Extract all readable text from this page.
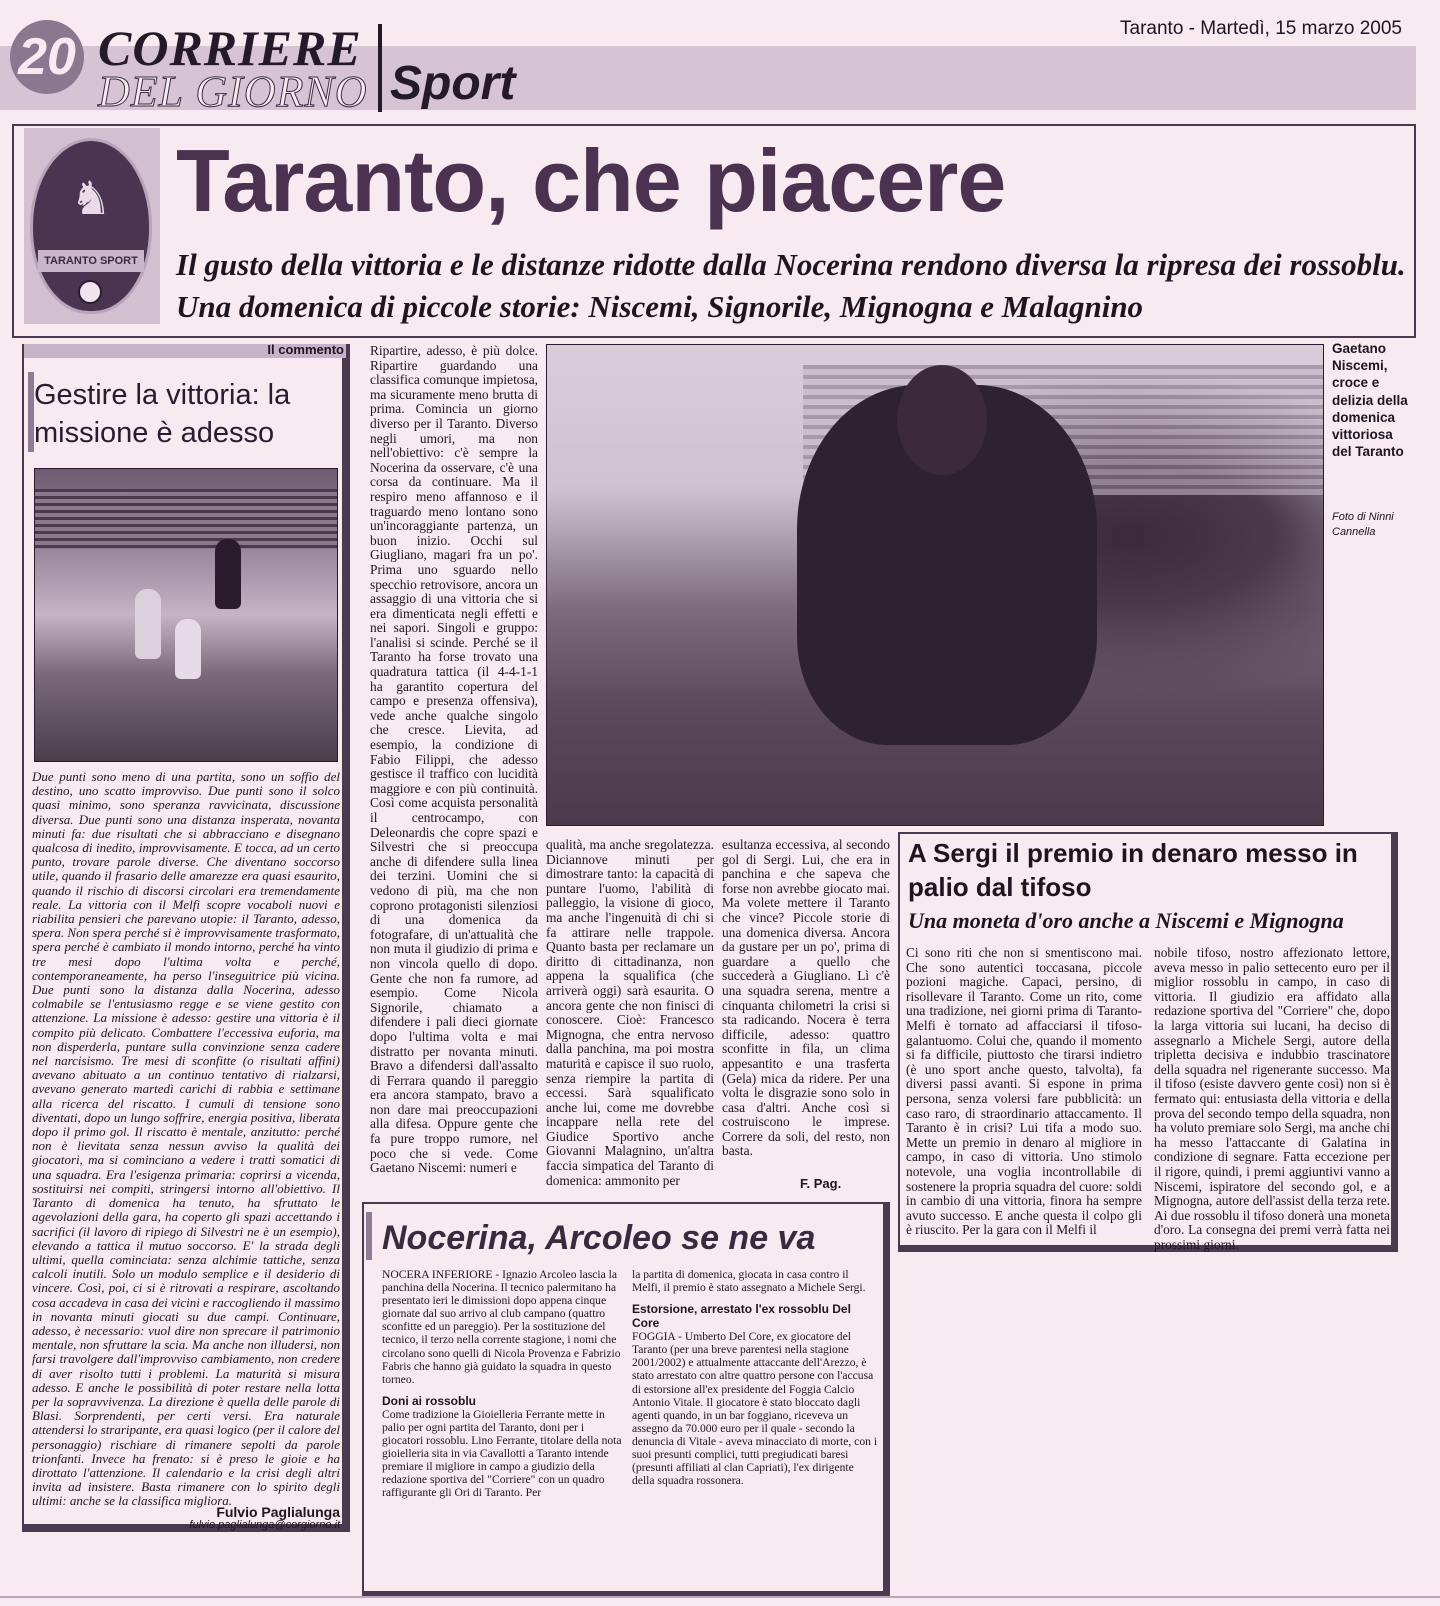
20 CORRIERE
DEL GIORNO Sport
Taranto - Martedì, 15 marzo 2005
♞
TARANTO SPORT
Taranto, che piacere
Il gusto della vittoria e le distanze ridotte dalla Nocerina rendono diversa la ripresa dei rossoblu. Una domenica di piccole storie: Niscemi, Signorile, Mignogna e Malagnino
Il commento
Gestire la vittoria: la missione è adesso
Due punti sono meno di una partita, sono un soffio del destino, uno scatto improvviso. Due punti sono il solco quasi minimo, sono speranza ravvicinata, discussione diversa. Due punti sono una distanza insperata, novanta minuti fa: due risultati che si abbracciano e disegnano qualcosa di inedito, improvvisamente. E tocca, ad un certo punto, trovare parole diverse. Che diventano soccorso utile, quando il frasario delle amarezze era quasi esaurito, quando il rischio di discorsi circolari era tremendamente reale. La vittoria con il Melfi scopre vocaboli nuovi e riabilita pensieri che parevano utopie: il Taranto, adesso, spera. Non spera perché si è improvvisamente trasformato, spera perché è cambiato il mondo intorno, perché ha vinto tre mesi dopo l'ultima volta e perché, contemporaneamente, ha perso l'inseguitrice più vicina. Due punti sono la distanza dalla Nocerina, adesso colmabile se l'entusiasmo regge e se viene gestito con attenzione. La missione è adesso: gestire una vittoria è il compito più delicato. Combattere l'eccessiva euforia, ma non disperderla, puntare sulla convinzione senza cadere nel narcisismo. Tre mesi di sconfitte (o risultati affini) avevano abituato a un continuo tentativo di rialzarsi, avevano generato martedì carichi di rabbia e settimane alla ricerca del riscatto. I cumuli di tensione sono diventati, dopo un lungo soffrire, energia positiva, liberata dopo il primo gol. Il riscatto è mentale, anzitutto: perché non è lievitata senza nessun avviso la qualità dei giocatori, ma si cominciano a vedere i tratti somatici di una squadra. Era l'esigenza primaria: coprirsi a vicenda, sostituirsi nei compiti, stringersi intorno all'obiettivo. Il Taranto di domenica ha tenuto, ha sfruttato le agevolazioni della gara, ha coperto gli spazi accettando i sacrifici (il lavoro di ripiego di Silvestri ne è un esempio), elevando a tattica il mutuo soccorso. E' la strada degli ultimi, quella cominciata: senza alchimie tattiche, senza calcoli inutili. Solo un modulo semplice e il desiderio di vincere. Così, poi, ci si è ritrovati a respirare, ascoltando cosa accadeva in casa dei vicini e raccogliendo il massimo in novanta minuti giocati su due campi. Continuare, adesso, è necessario: vuol dire non sprecare il patrimonio mentale, non sfruttare la scia. Ma anche non illudersi, non farsi travolgere dall'improvviso cambiamento, non credere di aver risolto tutti i problemi. La maturità si misura adesso. E anche le possibilità di poter restare nella lotta per la sopravvivenza. La direzione è quella delle parole di Blasi. Sorprendenti, per certi versi. Era naturale attendersi lo straripante, era quasi logico (per il calore del personaggio) rischiare di rimanere sepolti da parole trionfanti. Invece ha frenato: si è preso le gioie e ha dirottato l'attenzione. Il calendario e la crisi degli altri invita ad insistere. Basta rimanere con lo spirito degli ultimi: anche se la classifica migliora.
Fulvio Paglialunga
fulvio.paglialunga@corgiorno.it
Ripartire, adesso, è più dolce. Ripartire guardando una classifica comunque impietosa, ma sicuramente meno brutta di prima. Comincia un giorno diverso per il Taranto. Diverso negli umori, ma non nell'obiettivo: c'è sempre la Nocerina da osservare, c'è una corsa da continuare. Ma il respiro meno affannoso e il traguardo meno lontano sono un'incoraggiante partenza, un buon inizio. Occhi sul Giugliano, magari fra un po'. Prima uno sguardo nello specchio retrovisore, ancora un assaggio di una vittoria che si era dimenticata negli effetti e nei sapori. Singoli e gruppo: l'analisi si scinde. Perché se il Taranto ha forse trovato una quadratura tattica (il 4-4-1-1 ha garantito copertura del campo e presenza offensiva), vede anche qualche singolo che cresce. Lievita, ad esempio, la condizione di Fabio Filippi, che adesso gestisce il traffico con lucidità maggiore e con più continuità. Così come acquista personalità il centrocampo, con Deleonardis che copre spazi e Silvestri che si preoccupa anche di difendere sulla linea dei terzini. Uomini che si vedono di più, ma che non coprono protagonisti silenziosi di una domenica da fotografare, di un'attualità che non muta il giudizio di prima e non vincola quello di dopo. Gente che non fa rumore, ad esempio. Come Nicola Signorile, chiamato a difendere i pali dieci giornate dopo l'ultima volta e mai distratto per novanta minuti. Bravo a difendersi dall'assalto di Ferrara quando il pareggio era ancora stampato, bravo a non dare mai preoccupazioni alla difesa. Oppure gente che fa pure troppo rumore, nel poco che si vede. Come Gaetano Niscemi: numeri e
Gaetano Niscemi, croce e delizia della domenica vittoriosa del Taranto
Foto di Ninni Cannella
qualità, ma anche sregolatezza. Diciannove minuti per dimostrare tanto: la capacità di puntare l'uomo, l'abilità di palleggio, la visione di gioco, ma anche l'ingenuità di chi si fa attirare nelle trappole. Quanto basta per reclamare un diritto di cittadinanza, non appena la squalifica (che arriverà oggi) sarà esaurita. O ancora gente che non finisci di conoscere. Cioè: Francesco Mignogna, che entra nervoso dalla panchina, ma poi mostra maturità e capisce il suo ruolo, senza riempire la partita di eccessi. Sarà squalificato anche lui, come me dovrebbe incappare nella rete del Giudice Sportivo anche Giovanni Malagnino, un'altra faccia simpatica del Taranto di domenica: ammonito per
esultanza eccessiva, al secondo gol di Sergi. Lui, che era in panchina e che sapeva che forse non avrebbe giocato mai. Ma volete mettere il Taranto che vince? Piccole storie di una domenica diversa. Ancora da gustare per un po', prima di guardare a quello che succederà a Giugliano. Lì c'è una squadra serena, mentre a cinquanta chilometri la crisi si sta radicando. Nocera è terra difficile, adesso: quattro sconfitte in fila, un clima appesantito e una trasferta (Gela) mica da ridere. Per una volta le disgrazie sono solo in casa d'altri. Anche così si costruiscono le imprese. Correre da soli, del resto, non basta.
F. Pag.
A Sergi il premio in denaro messo in palio dal tifoso
Una moneta d'oro anche a Niscemi e Mignogna
Ci sono riti che non si smentiscono mai. Che sono autentici toccasana, piccole pozioni magiche. Capaci, persino, di risollevare il Taranto. Come un rito, come una tradizione, nei giorni prima di Taranto-Melfi è tornato ad affacciarsi il tifoso-galantuomo. Colui che, quando il momento si fa difficile, piuttosto che tirarsi indietro (è uno sport anche questo, talvolta), fa diversi passi avanti. Si espone in prima persona, senza volersi fare pubblicità: un caso raro, di straordinario attaccamento. Il Taranto è in crisi? Lui tifa a modo suo. Mette un premio in denaro al migliore in campo, in caso di vittoria. Uno stimolo notevole, una voglia incontrollabile di sostenere la propria squadra del cuore: soldi in cambio di una vittoria, finora ha sempre avuto successo. E anche questa il colpo gli è riuscito. Per la gara con il Melfi il
nobile tifoso, nostro affezionato lettore, aveva messo in palio settecento euro per il miglior rossoblu in campo, in caso di vittoria. Il giudizio era affidato alla redazione sportiva del "Corriere" che, dopo la larga vittoria sui lucani, ha deciso di assegnarlo a Michele Sergi, autore della tripletta decisiva e indubbio trascinatore della squadra nel rigenerante successo. Ma il tifoso (esiste davvero gente così) non si è fermato qui: entusiasta della vittoria e della prova del secondo tempo della squadra, non ha voluto premiare solo Sergi, ma anche chi ha messo l'attaccante di Galatina in condizione di segnare. Fatta eccezione per il rigore, quindi, i premi aggiuntivi vanno a Niscemi, ispiratore del secondo gol, e a Mignogna, autore dell'assist della terza rete. Ai due rossoblu il tifoso donerà una moneta d'oro. La consegna dei premi verrà fatta nei prossimi giorni.
Nocerina, Arcoleo se ne va
NOCERA INFERIORE - Ignazio Arcoleo lascia la panchina della Nocerina. Il tecnico palermitano ha presentato ieri le dimissioni dopo appena cinque giornate dal suo arrivo al club campano (quattro sconfitte ed un pareggio). Per la sostituzione del tecnico, il terzo nella corrente stagione, i nomi che circolano sono quelli di Nicola Provenza e Fabrizio Fabris che hanno già guidato la squadra in questo torneo.
Doni ai rossoblu
Come tradizione la Gioielleria Ferrante mette in palio per ogni partita del Taranto, doni per i giocatori rossoblu. Lino Ferrante, titolare della nota gioielleria sita in via Cavallotti a Taranto intende premiare il migliore in campo a giudizio della redazione sportiva del "Corriere" con un quadro raffigurante gli Ori di Taranto. Per
la partita di domenica, giocata in casa contro il Melfi, il premio è stato assegnato a Michele Sergi.
Estorsione, arrestato l'ex rossoblu Del Core
FOGGIA - Umberto Del Core, ex giocatore del Taranto (per una breve parentesi nella stagione 2001/2002) e attualmente attaccante dell'Arezzo, è stato arrestato con altre quattro persone con l'accusa di estorsione all'ex presidente del Foggia Calcio Antonio Vitale. Il giocatore è stato bloccato dagli agenti quando, in un bar foggiano, riceveva un assegno da 70.000 euro per il quale - secondo la denuncia di Vitale - aveva minacciato di morte, con i suoi presunti complici, tutti pregiudicati baresi (presunti affiliati al clan Capriati), l'ex dirigente della squadra rossonera.
